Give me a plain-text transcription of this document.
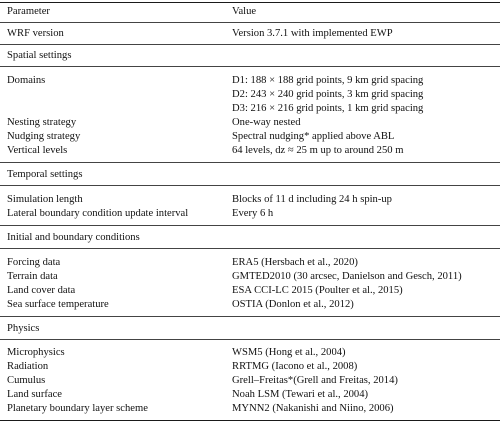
Parameter	Value
WRF version	Version 3.7.1 with implemented EWP
Spatial settings
Domains	D1: 188 × 188 grid points, 9 km grid spacing
D2: 243 × 240 grid points, 3 km grid spacing
D3: 216 × 216 grid points, 1 km grid spacing
Nesting strategy	One-way nested
Nudging strategy	Spectral nudging* applied above ABL
Vertical levels	64 levels, dz ≈ 25 m up to around 250 m
Temporal settings
Simulation length	Blocks of 11 d including 24 h spin-up
Lateral boundary condition update interval	Every 6 h
Initial and boundary conditions
Forcing data	ERA5 (Hersbach et al., 2020)
Terrain data	GMTED2010 (30 arcsec, Danielson and Gesch, 2011)
Land cover data	ESA CCI-LC 2015 (Poulter et al., 2015)
Sea surface temperature	OSTIA (Donlon et al., 2012)
Physics
Microphysics	WSM5 (Hong et al., 2004)
Radiation	RRTMG (Iacono et al., 2008)
Cumulus	Grell–Freitas*(Grell and Freitas, 2014)
Land surface	Noah LSM (Tewari et al., 2004)
Planetary boundary layer scheme	MYNN2 (Nakanishi and Niino, 2006)
